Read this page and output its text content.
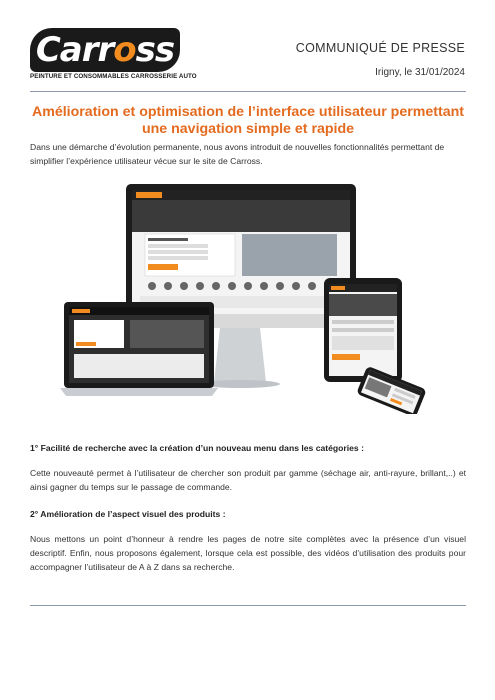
Carross
PEINTURE ET CONSOMMABLES CARROSSERIE AUTO
COMMUNIQUÉ DE PRESSE
Irigny, le 31/01/2024
Amélioration et optimisation de l’interface utilisateur permettant une navigation simple et rapide
Dans une démarche d’évolution permanente, nous avons introduit de nouvelles fonctionnalités permettant de simplifier l’expérience utilisateur vécue sur le site de Carross.
1° Facilité de recherche avec la création d’un nouveau menu dans les catégories :
Cette nouveauté permet à l’utilisateur de chercher son produit par gamme (séchage air, anti-rayure, brillant,..) et ainsi gagner du temps sur le passage de commande.
2° Amélioration de l’aspect visuel des produits :
Nous mettons un point d’honneur à rendre les pages de notre site complètes avec la présence d’un visuel descriptif. Enfin, nous proposons également, lorsque cela est possible, des vidéos d’utilisation des produits pour accompagner l’utilisateur de A à Z dans sa recherche.
